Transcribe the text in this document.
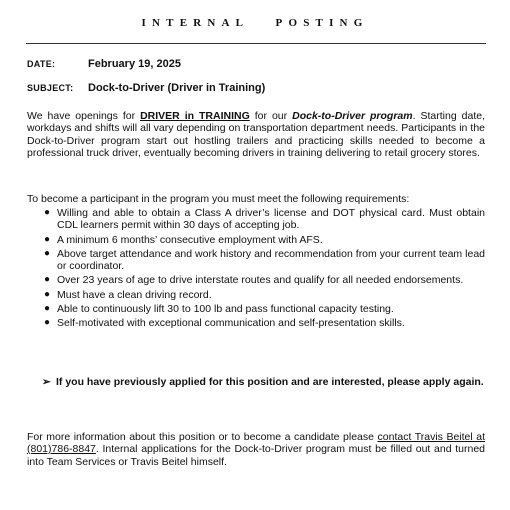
INTERNAL POSTING
DATE:	February 19, 2025
SUBJECT: Dock-to-Driver (Driver in Training)

We have openings for DRIVER in TRAINING for our Dock-to-Driver program. Starting date, workdays and shifts will all vary depending on transportation department needs. Participants in the Dock-to-Driver program start out hostling trailers and practicing skills needed to become a professional truck driver, eventually becoming drivers in training delivering to retail grocery stores.

To become a participant in the program you must meet the following requirements:

● Willing and able to obtain a Class A driver’s license and DOT physical card. Must obtain CDL learners permit within 30 days of accepting job.
● A minimum 6 months’ consecutive employment with AFS.
● Above target attendance and work history and recommendation from your current team lead or coordinator.
● Over 23 years of age to drive interstate routes and qualify for all needed endorsements.
● Must have a clean driving record.
● Able to continuously lift 30 to 100 lb and pass functional capacity testing.
● Self-motivated with exceptional communication and self-presentation skills.
➢ If you have previously applied for this position and are interested, please apply again.

For more information about this position or to become a candidate please contact Travis Beitel at (801)786-8847. Internal applications for the Dock-to-Driver program must be filled out and turned into Team Services or Travis Beitel himself.
